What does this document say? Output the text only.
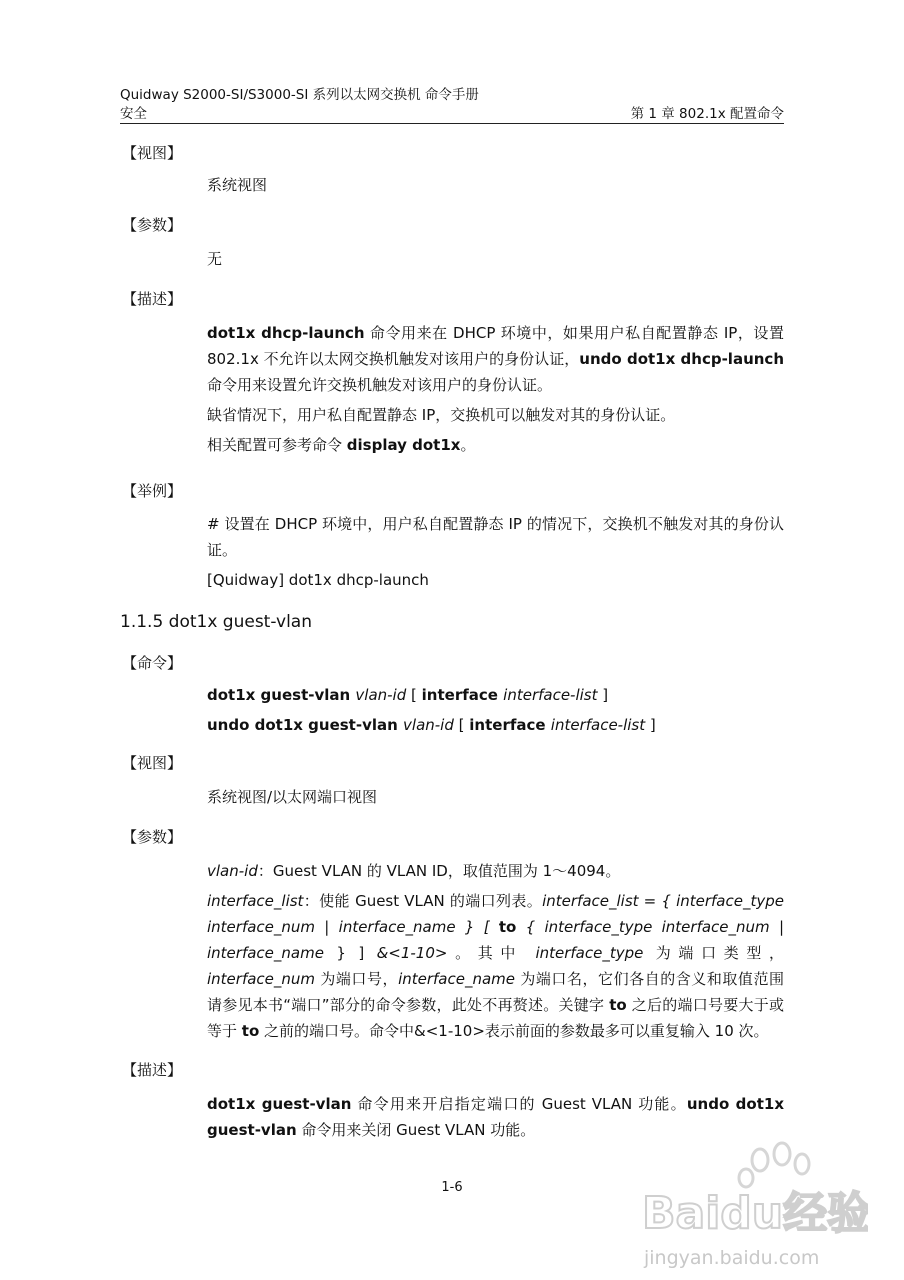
Quidway S2000-SI/S3000-SI 系列以太网交换机 命令手册
安全	第 1 章 802.1x 配置命令
【视图】
系统视图
【参数】
无
【描述】

dot1x dhcp-launch 命令用来在 DHCP 环境中，如果用户私自配置静态 IP，设置 802.1x 不允许以太网交换机触发对该用户的身份认证，undo dot1x dhcp-launch 命令用来设置允许交换机触发对该用户的身份认证。

缺省情况下，用户私自配置静态 IP，交换机可以触发对其的身份认证。

相关配置可参考命令 display dot1x。

【举例】

# 设置在 DHCP 环境中，用户私自配置静态 IP 的情况下，交换机不触发对其的身份认证。

[Quidway] dot1x dhcp-launch

1.1.5 dot1x guest-vlan
【命令】

dot1x guest-vlan vlan-id [ interface interface-list ]

undo dot1x guest-vlan vlan-id [ interface interface-list ]

【视图】
系统视图/以太网端口视图
【参数】

vlan-id：Guest VLAN 的 VLAN ID，取值范围为 1～4094。

interface_list：使能 Guest VLAN 的端口列表。interface_list = { interface_type interface_num | interface_name } [ to { interface_type interface_num | interface_name } ] &<1-10>。其中 interface_type 为端口类型，interface_num 为端口号，interface_name 为端口名，它们各自的含义和取值范围请参见本书“端口”部分的命令参数，此处不再赘述。关键字 to 之后的端口号要大于或等于 to 之前的端口号。命令中&<1-10>表示前面的参数最多可以重复输入 10 次。

【描述】

dot1x guest-vlan 命令用来开启指定端口的 Guest VLAN 功能。undo dot1x guest-vlan 命令用来关闭 Guest VLAN 功能。

1-6
Baidu经验
jingyan.baidu.com
